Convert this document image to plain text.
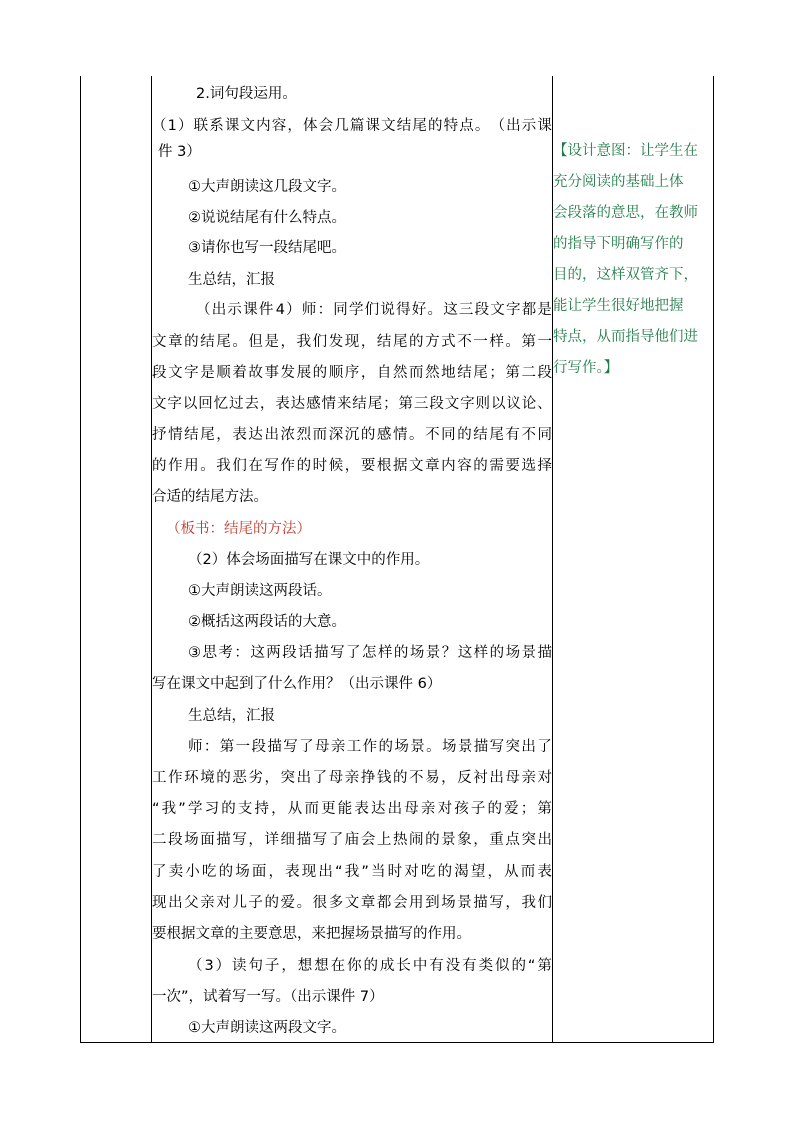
2.词句段运用。
（ 1 ） 联 系 课 文 内 容 ， 体 会 几 篇 课 文 结 尾 的 特 点 。 （ 出 示 课
件 3）
①大声朗读这几段文字。
②说说结尾有什么特点。
③请你也写一段结尾吧。
生总结，汇报
（ 出 示 课 件 4 ） 师 ： 同 学 们 说 得 好 。 这 三 段 文 字 都 是
文 章 的 结 尾 。 但 是 ， 我 们 发 现 ， 结 尾 的 方 式 不 一 样 。 第 一
段 文 字 是 顺 着 故 事 发 展 的 顺 序 ， 自 然 而 然 地 结 尾 ； 第 二 段
文 字 以 回 忆 过 去 ， 表 达 感 情 来 结 尾 ； 第 三 段 文 字 则 以 议 论 、
抒 情 结 尾 ， 表 达 出 浓 烈 而 深 沉 的 感 情 。 不 同 的 结 尾 有 不 同
的 作 用 。 我 们 在 写 作 的 时 候 ， 要 根 据 文 章 内 容 的 需 要 选 择
合适的结尾方法。
（板书：结尾的方法）
（2）体会场面描写在课文中的作用。
①大声朗读这两段话。
②概括这两段话的大意。
③ 思 考 ： 这 两 段 话 描 写 了 怎 样 的 场 景 ？ 这 样 的 场 景 描
写在课文中起到了什么作用？（出示课件 6）
生总结，汇报
师 ： 第 一 段 描 写 了 母 亲 工 作 的 场 景 。 场 景 描 写 突 出 了
工 作 环 境 的 恶 劣 ， 突 出 了 母 亲 挣 钱 的 不 易 ， 反 衬 出 母 亲 对
“ 我 ” 学 习 的 支 持 ， 从 而 更 能 表 达 出 母 亲 对 孩 子 的 爱 ； 第
二 段 场 面 描 写 ， 详 细 描 写 了 庙 会 上 热 闹 的 景 象 ， 重 点 突 出
了 卖 小 吃 的 场 面 ， 表 现 出 “ 我 ” 当 时 对 吃 的 渴 望 ， 从 而 表
现 出 父 亲 对 儿 子 的 爱 。 很 多 文 章 都 会 用 到 场 景 描 写 ， 我 们
要根据文章的主要意思，来把握场景描写的作用。
（ 3 ） 读 句 子 ， 想 想 在 你 的 成 长 中 有 没 有 类 似 的 “ 第
一次”，试着写一写。（出示课件 7）
①大声朗读这两段文字。
【设计意图：让学生在
充分阅读的基础上体
会段落的意思，在教师
的指导下明确写作的
目的，这样双管齐下，
能让学生很好地把握
特点，从而指导他们进
行写作。】
